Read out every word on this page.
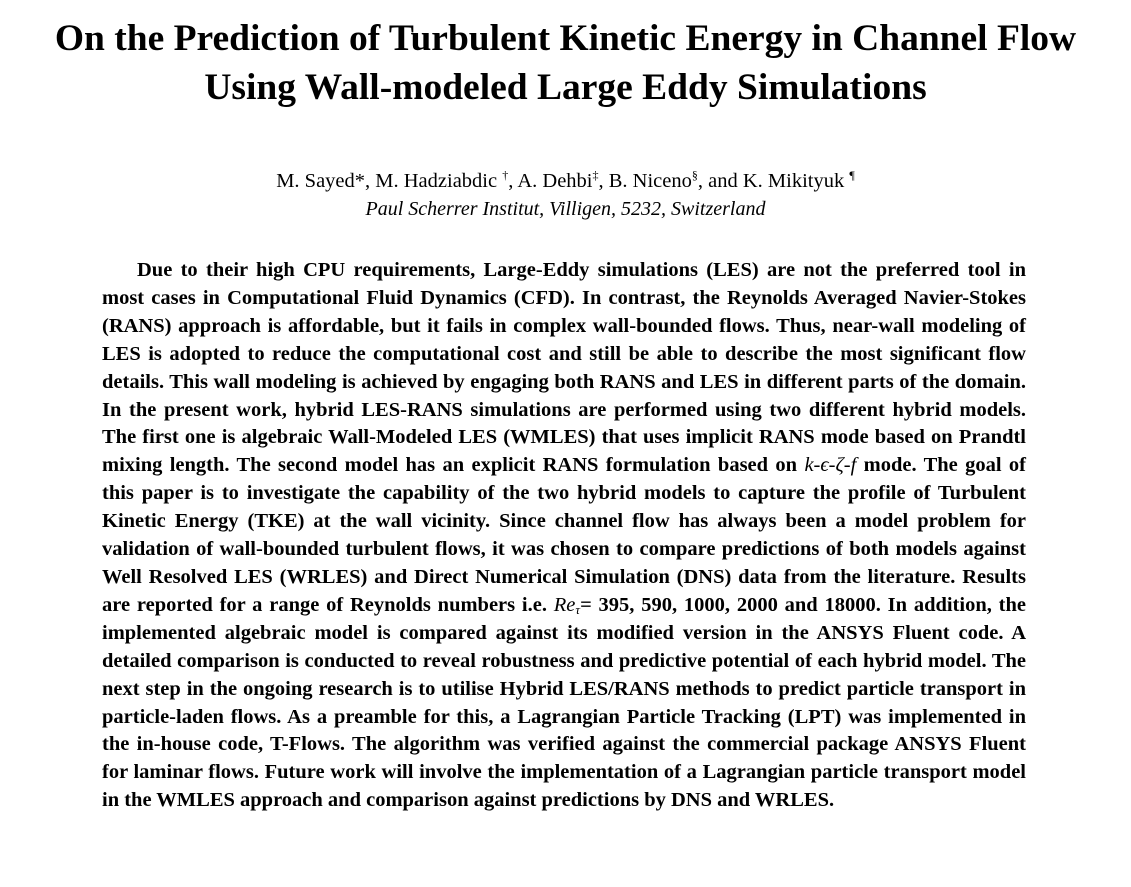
On the Prediction of Turbulent Kinetic Energy in Channel Flow
Using Wall-modeled Large Eddy Simulations
M. Sayed*, M. Hadziabdic †, A. Dehbi‡, B. Niceno§, and K. Mikityuk ¶
Paul Scherrer Institut, Villigen, 5232, Switzerland

Due to their high CPU requirements, Large-Eddy simulations (LES) are not the preferred tool in most cases in Computational Fluid Dynamics (CFD). In contrast, the Reynolds Averaged Navier-Stokes (RANS) approach is affordable, but it fails in complex wall-bounded flows. Thus, near-wall modeling of LES is adopted to reduce the computational cost and still be able to describe the most significant flow details. This wall modeling is achieved by engaging both RANS and LES in different parts of the domain. In the present work, hybrid LES-RANS simulations are performed using two different hybrid models. The first one is algebraic Wall-Modeled LES (WMLES) that uses implicit RANS mode based on Prandtl mixing length. The second model has an explicit RANS formulation based on k-ϵ-ζ-f mode. The goal of this paper is to investigate the capability of the two hybrid models to capture the profile of Turbulent Kinetic Energy (TKE) at the wall vicinity. Since channel flow has always been a model problem for validation of wall-bounded turbulent flows, it was chosen to compare predictions of both models against Well Resolved LES (WRLES) and Direct Numerical Simulation (DNS) data from the literature. Results are reported for a range of Reynolds numbers i.e. $Re_\tau= 395$, 590, 1000, 2000 and 18000. In addition, the implemented algebraic model is compared against its modified version in the ANSYS Fluent code. A detailed comparison is conducted to reveal robustness and predictive potential of each hybrid model. The next step in the ongoing research is to utilise Hybrid LES/RANS methods to predict particle transport in particle-laden flows. As a preamble for this, a Lagrangian Particle Tracking (LPT) was implemented in the in-house code, T-Flows. The algorithm was verified against the commercial package ANSYS Fluent for laminar flows. Future work will involve the implementation of a Lagrangian particle transport model in the WMLES approach and comparison against predictions by DNS and WRLES.
